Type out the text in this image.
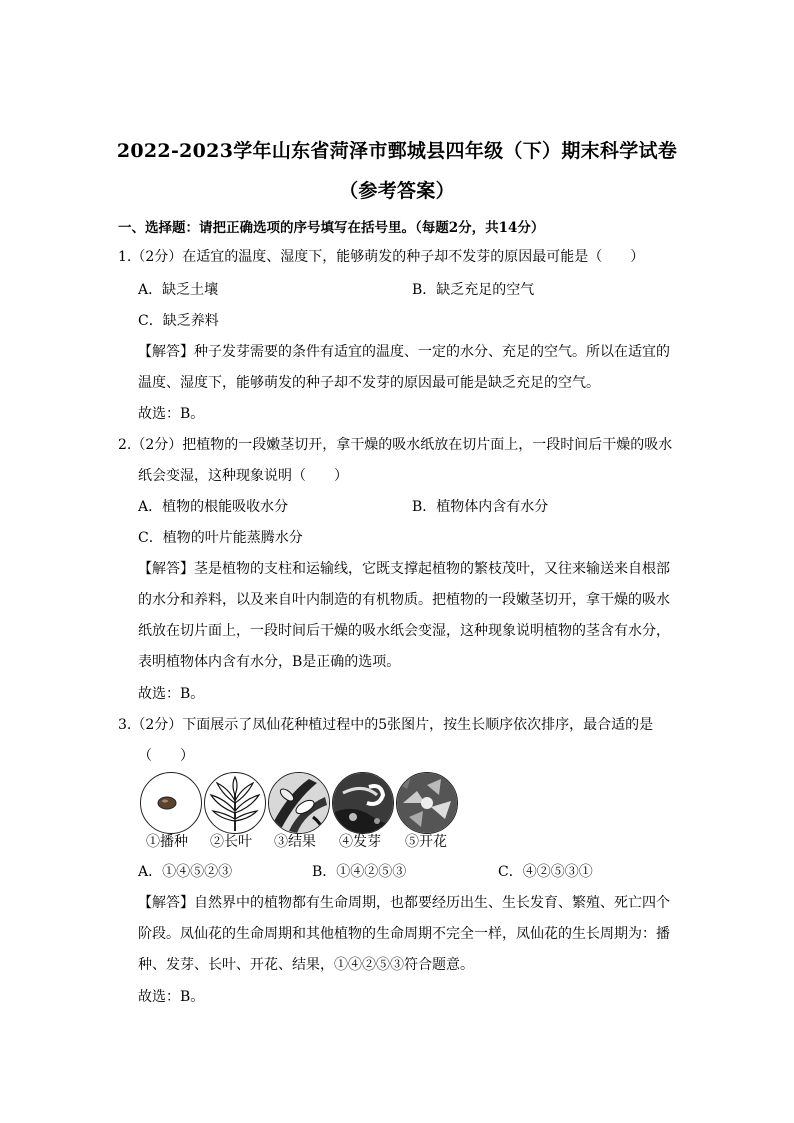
2022-2023学年山东省菏泽市鄄城县四年级（下）期末科学试卷
（参考答案）
一、选择题：请把正确选项的序号填写在括号里。（每题2分，共14分）
1.（2分）在适宜的温度、湿度下，能够萌发的种子却不发芽的原因最可能是（　　）
A．缺乏土壤	B．缺乏充足的空气
C．缺乏养料
【解答】种子发芽需要的条件有适宜的温度、一定的水分、充足的空气。所以在适宜的
温度、湿度下，能够萌发的种子却不发芽的原因最可能是缺乏充足的空气。
故选：B。
2.（2分）把植物的一段嫩茎切开，拿干燥的吸水纸放在切片面上，一段时间后干燥的吸水
纸会变湿，这种现象说明（　　）
A．植物的根能吸收水分	B．植物体内含有水分
C．植物的叶片能蒸腾水分
【解答】茎是植物的支柱和运输线，它既支撑起植物的繁枝茂叶，又往来输送来自根部
的水分和养料，以及来自叶内制造的有机物质。把植物的一段嫩茎切开，拿干燥的吸水
纸放在切片面上，一段时间后干燥的吸水纸会变湿，这种现象说明植物的茎含有水分，
表明植物体内含有水分，B是正确的选项。
故选：B。
3.（2分）下面展示了凤仙花种植过程中的5张图片，按生长顺序依次排序，最合适的是
（　　）
①播种 ②长叶 ③结果 ④发芽 ⑤开花
A．①④⑤②③	B．①④②⑤③	C．④②⑤③①
【解答】自然界中的植物都有生命周期，也都要经历出生、生长发育、繁殖、死亡四个
阶段。凤仙花的生命周期和其他植物的生命周期不完全一样，凤仙花的生长周期为：播
种、发芽、长叶、开花、结果，①④②⑤③符合题意。
故选：B。
